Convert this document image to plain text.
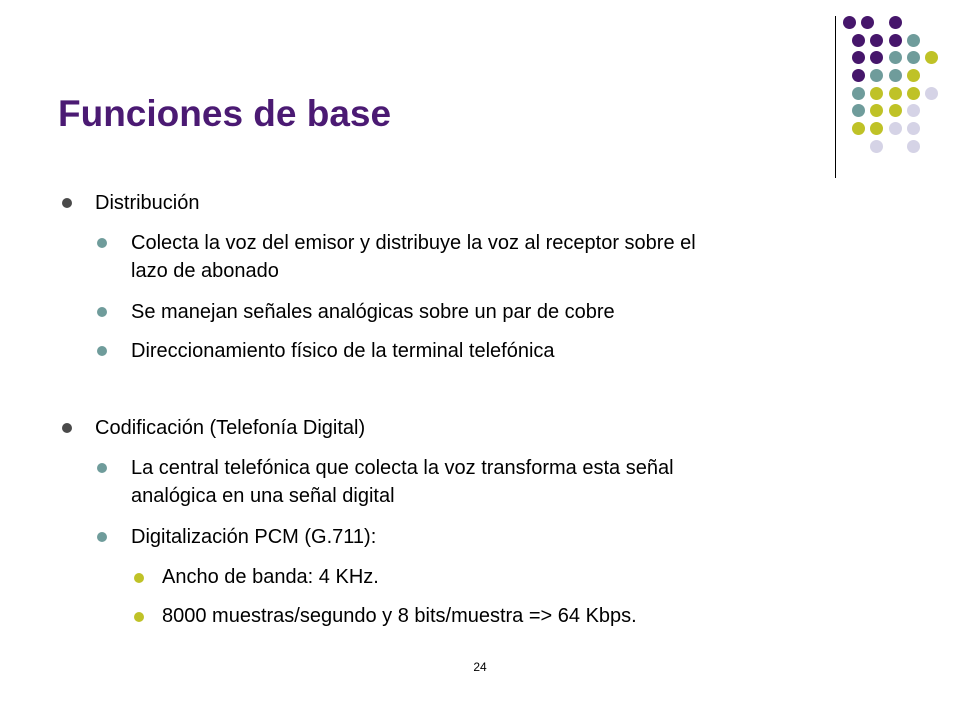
Funciones de base

Distribución

Colecta la voz del emisor y distribuye la voz al receptor sobre el

lazo de abonado

Se manejan señales analógicas sobre un par de cobre

Direccionamiento físico de la terminal telefónica

Codificación (Telefonía Digital)

La central telefónica que colecta la voz transforma esta señal

analógica en una señal digital

Digitalización PCM (G.711):

Ancho de banda: 4 KHz.

8000 muestras/segundo y 8 bits/muestra => 64 Kbps.

24
